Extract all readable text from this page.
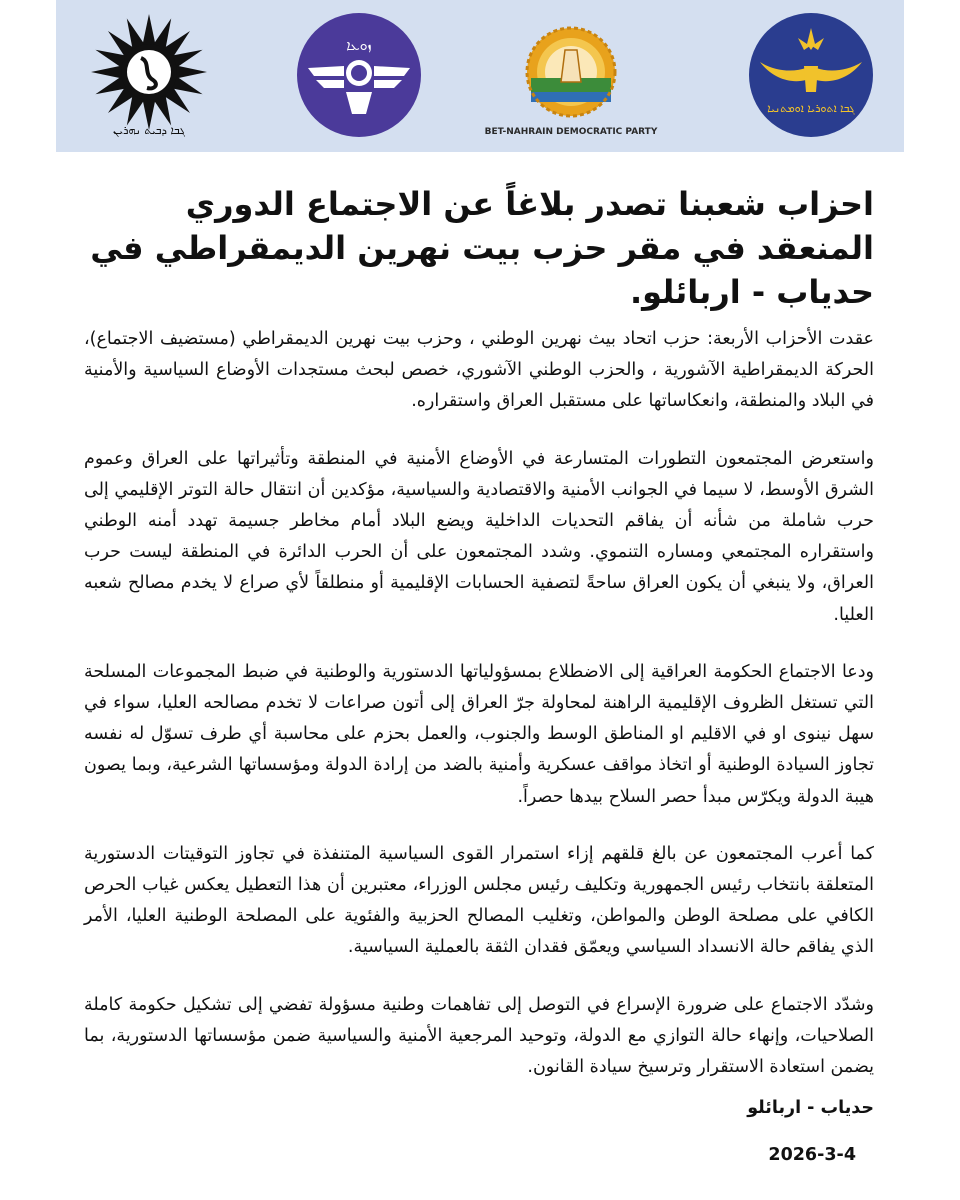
ܓܒܐ ܕܒܝܬ ܢܗܪܝܢ
ܙܘܥܐ
BET-NAHRAIN DEMOCRATIC PARTY
ܓܒܐ ܐܬܘܪܝܐ ܐܘܡܬܢܝܐ
احزاب شعبنا تصدر بلاغاً عن الاجتماع الدوري المنعقد في مقر حزب بيت نهرين الديمقراطي في حدياب - اربائلو.

عقدت الأحزاب الأربعة: حزب اتحاد بيث نهرين الوطني ، وحزب بيت نهرين الديمقراطي (مستضيف الاجتماع)، الحركة الديمقراطية الآشورية ، والحزب الوطني الآشوري، خصص لبحث مستجدات الأوضاع السياسية والأمنية في البلاد والمنطقة، وانعكاساتها على مستقبل العراق واستقراره.

واستعرض المجتمعون التطورات المتسارعة في الأوضاع الأمنية في المنطقة وتأثيراتها على العراق وعموم الشرق الأوسط، لا سيما في الجوانب الأمنية والاقتصادية والسياسية، مؤكدين أن انتقال حالة التوتر الإقليمي إلى حرب شاملة من شأنه أن يفاقم التحديات الداخلية ويضع البلاد أمام مخاطر جسيمة تهدد أمنه الوطني واستقراره المجتمعي ومساره التنموي. وشدد المجتمعون على أن الحرب الدائرة في المنطقة ليست حرب العراق، ولا ينبغي أن يكون العراق ساحةً لتصفية الحسابات الإقليمية أو منطلقاً لأي صراع لا يخدم مصالح شعبه العليا.

ودعا الاجتماع الحكومة العراقية إلى الاضطلاع بمسؤولياتها الدستورية والوطنية في ضبط المجموعات المسلحة التي تستغل الظروف الإقليمية الراهنة لمحاولة جرّ العراق إلى أتون صراعات لا تخدم مصالحه العليا، سواء في سهل نينوى او في الاقليم او المناطق الوسط والجنوب، والعمل بحزم على محاسبة أي طرف تسوّل له نفسه تجاوز السيادة الوطنية أو اتخاذ مواقف عسكرية وأمنية بالضد من إرادة الدولة ومؤسساتها الشرعية، وبما يصون هيبة الدولة ويكرّس مبدأ حصر السلاح بيدها حصراً.

كما أعرب المجتمعون عن بالغ قلقهم إزاء استمرار القوى السياسية المتنفذة في تجاوز التوقيتات الدستورية المتعلقة بانتخاب رئيس الجمهورية وتكليف رئيس مجلس الوزراء، معتبرين أن هذا التعطيل يعكس غياب الحرص الكافي على مصلحة الوطن والمواطن، وتغليب المصالح الحزبية والفئوية على المصلحة الوطنية العليا، الأمر الذي يفاقم حالة الانسداد السياسي ويعمّق فقدان الثقة بالعملية السياسية.

وشدّد الاجتماع على ضرورة الإسراع في التوصل إلى تفاهمات وطنية مسؤولة تفضي إلى تشكيل حكومة كاملة الصلاحيات، وإنهاء حالة التوازي مع الدولة، وتوحيد المرجعية الأمنية والسياسية ضمن مؤسساتها الدستورية، بما يضمن استعادة الاستقرار وترسيخ سيادة القانون.

حدياب - اربائلو
2026-3-4
